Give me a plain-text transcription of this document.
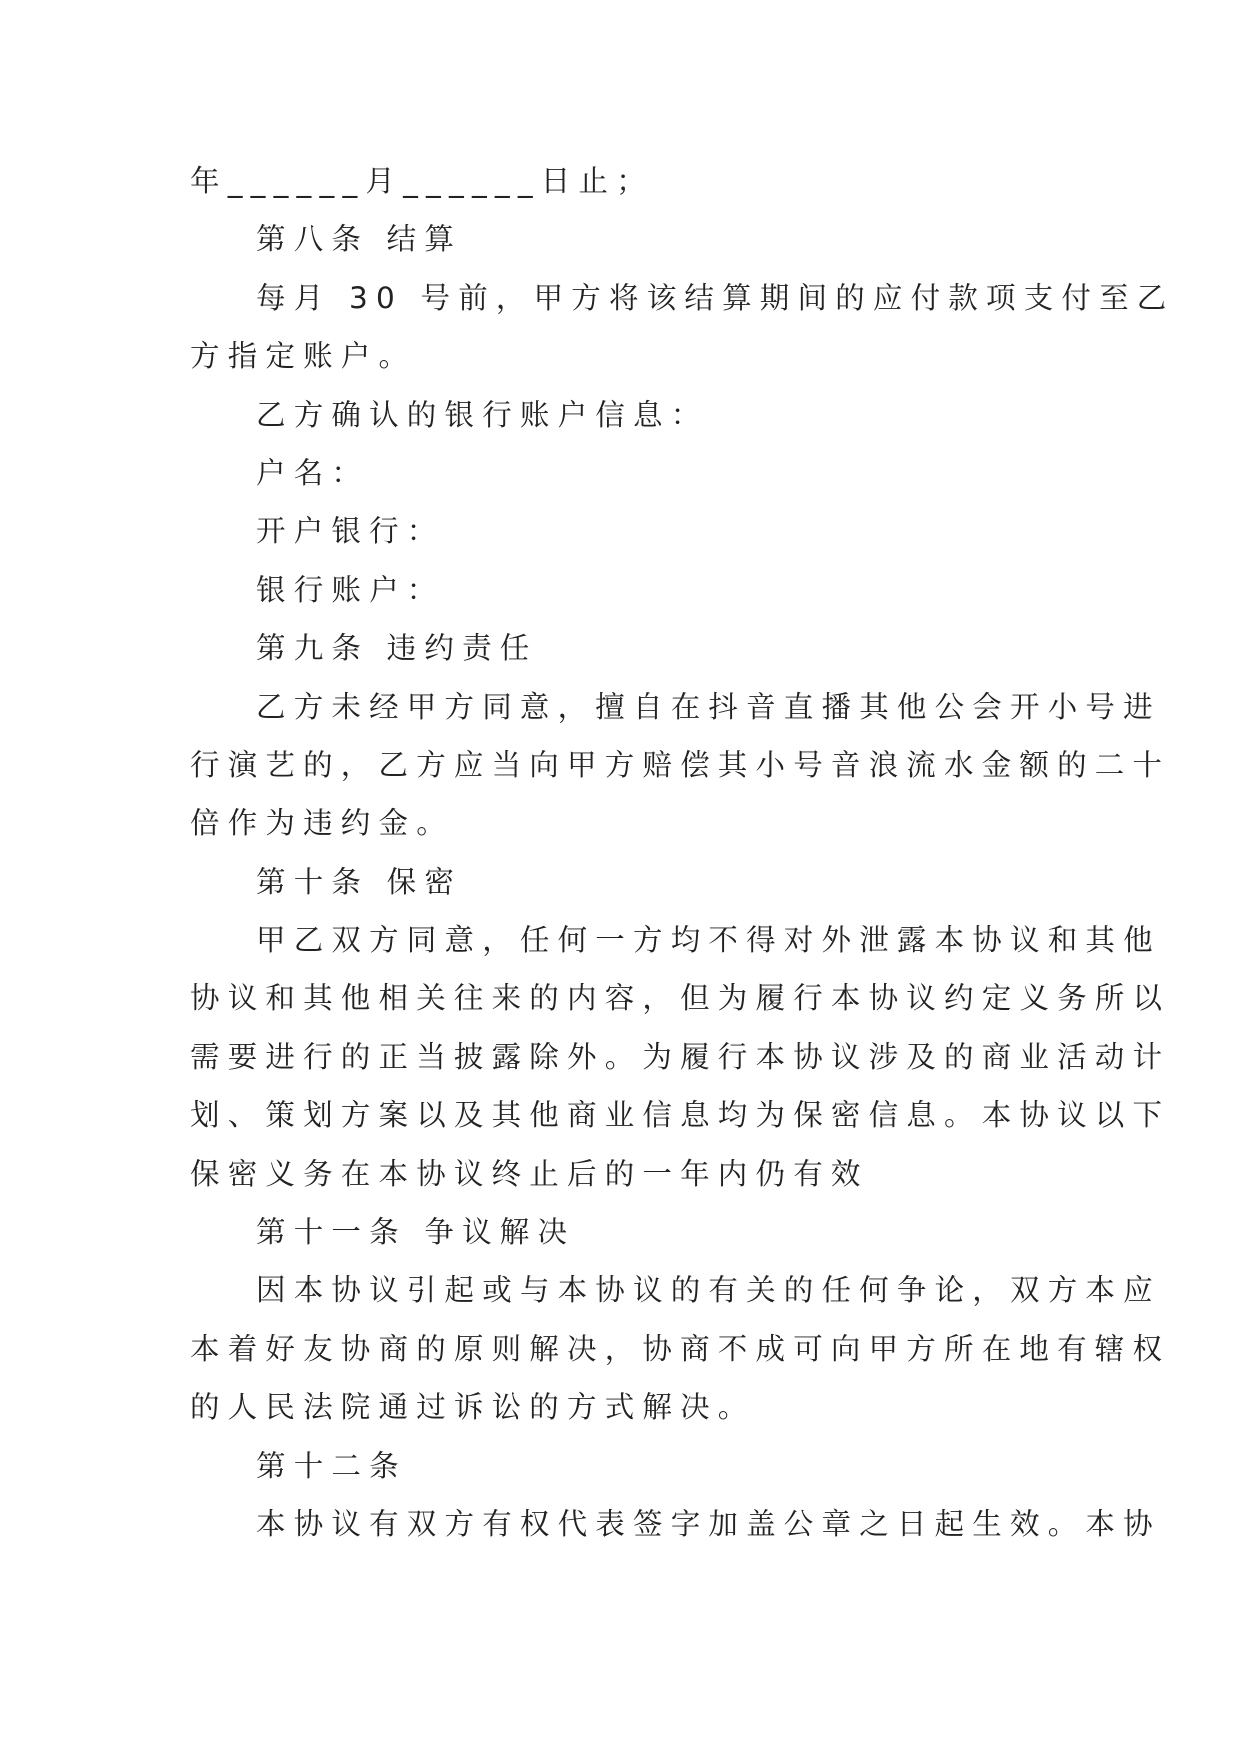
年______月______日止；
第八条 结算
每月 30 号前，甲方将该结算期间的应付款项支付至乙
方指定账户。
乙方确认的银行账户信息：
户名：
开户银行：
银行账户：
第九条 违约责任
乙方未经甲方同意，擅自在抖音直播其他公会开小号进
行演艺的，乙方应当向甲方赔偿其小号音浪流水金额的二十
倍作为违约金。
第十条 保密
甲乙双方同意，任何一方均不得对外泄露本协议和其他
协议和其他相关往来的内容，但为履行本协议约定义务所以
需要进行的正当披露除外。为履行本协议涉及的商业活动计
划、策划方案以及其他商业信息均为保密信息。本协议以下
保密义务在本协议终止后的一年内仍有效
第十一条 争议解决
因本协议引起或与本协议的有关的任何争论，双方本应
本着好友协商的原则解决，协商不成可向甲方所在地有辖权
的人民法院通过诉讼的方式解决。
第十二条
本协议有双方有权代表签字加盖公章之日起生效。本协
